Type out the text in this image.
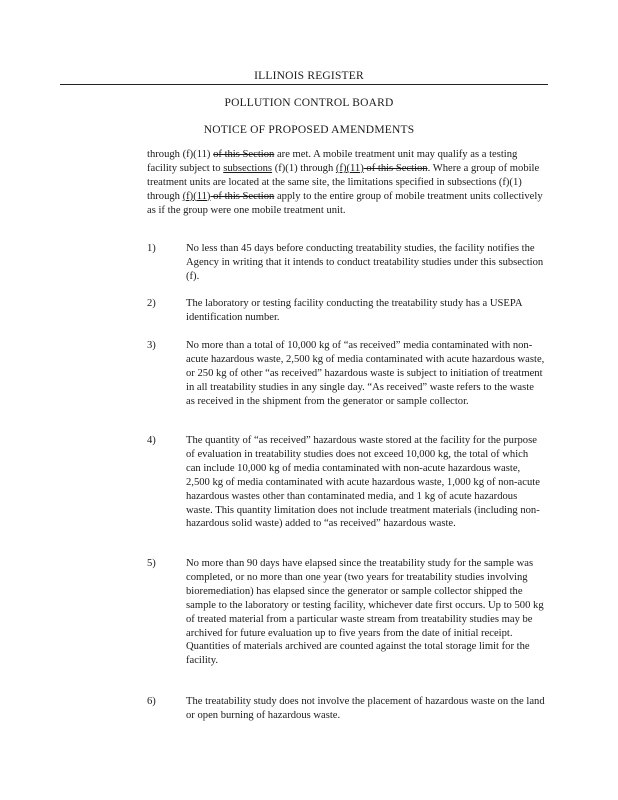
ILLINOIS REGISTER
POLLUTION CONTROL BOARD
NOTICE OF PROPOSED AMENDMENTS
through (f)(11) of this Section are met. A mobile treatment unit may qualify as a testing facility subject to subsections (f)(1) through (f)(11) of this Section. Where a group of mobile treatment units are located at the same site, the limitations specified in subsections (f)(1) through (f)(11) of this Section apply to the entire group of mobile treatment units collectively as if the group were one mobile treatment unit.
1)	No less than 45 days before conducting treatability studies, the facility notifies the Agency in writing that it intends to conduct treatability studies under this subsection (f).
2)	The laboratory or testing facility conducting the treatability study has a USEPA identification number.
3)	No more than a total of 10,000 kg of “as received” media contaminated with non-acute hazardous waste, 2,500 kg of media contaminated with acute hazardous waste, or 250 kg of other “as received” hazardous waste is subject to initiation of treatment in all treatability studies in any single day. “As received” waste refers to the waste as received in the shipment from the generator or sample collector.
4)	The quantity of “as received” hazardous waste stored at the facility for the purpose of evaluation in treatability studies does not exceed 10,000 kg, the total of which can include 10,000 kg of media contaminated with non-acute hazardous waste, 2,500 kg of media contaminated with acute hazardous waste, 1,000 kg of non-acute hazardous wastes other than contaminated media, and 1 kg of acute hazardous waste. This quantity limitation does not include treatment materials (including non-hazardous solid waste) added to “as received” hazardous waste.
5)	No more than 90 days have elapsed since the treatability study for the sample was completed, or no more than one year (two years for treatability studies involving bioremediation) has elapsed since the generator or sample collector shipped the sample to the laboratory or testing facility, whichever date first occurs. Up to 500 kg of treated material from a particular waste stream from treatability studies may be archived for future evaluation up to five years from the date of initial receipt. Quantities of materials archived are counted against the total storage limit for the facility.
6)	The treatability study does not involve the placement of hazardous waste on the land or open burning of hazardous waste.
